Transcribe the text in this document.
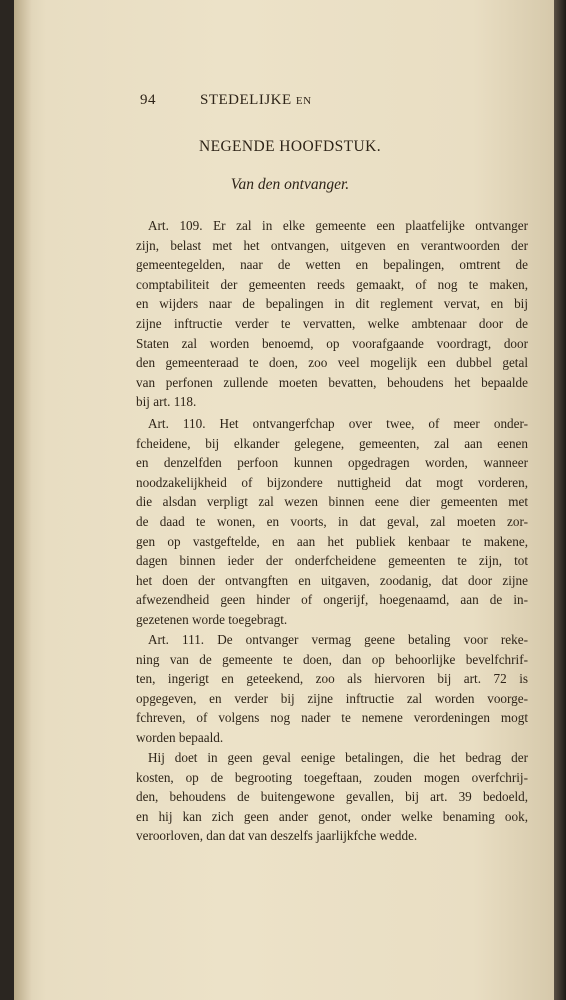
94	STEDELIJKE EN
NEGENDE HOOFDSTUK.
Van den ontvanger.
Art. 109. Er zal in elke gemeente een plaatfelijke ontvanger
zijn, belast met het ontvangen, uitgeven en verantwoorden der
gemeentegelden, naar de wetten en bepalingen, omtrent de
comptabiliteit der gemeenten reeds gemaakt, of nog te maken,
en wijders naar de bepalingen in dit reglement vervat, en bij
zijne inftructie verder te vervatten, welke ambtenaar door de
Staten zal worden benoemd, op voorafgaande voordragt, door
den gemeenteraad te doen, zoo veel mogelijk een dubbel getal
van perfonen zullende moeten bevatten, behoudens het bepaalde
bij art. 118.
Art. 110. Het ontvangerfchap over twee, of meer onder-
fcheidene, bij elkander gelegene, gemeenten, zal aan eenen
en denzelfden perfoon kunnen opgedragen worden, wanneer
noodzakelijkheid of bijzondere nuttigheid dat mogt vorderen,
die alsdan verpligt zal wezen binnen eene dier gemeenten met
de daad te wonen, en voorts, in dat geval, zal moeten zor-
gen op vastgeftelde, en aan het publiek kenbaar te makene,
dagen binnen ieder der onderfcheidene gemeenten te zijn, tot
het doen der ontvangften en uitgaven, zoodanig, dat door zijne
afwezendheid geen hinder of ongerijf, hoegenaamd, aan de in-
gezetenen worde toegebragt.
Art. 111. De ontvanger vermag geene betaling voor reke-
ning van de gemeente te doen, dan op behoorlijke bevelfchrif-
ten, ingerigt en geteekend, zoo als hiervoren bij art. 72 is
opgegeven, en verder bij zijne inftructie zal worden voorge-
fchreven, of volgens nog nader te nemene verordeningen mogt
worden bepaald.
Hij doet in geen geval eenige betalingen, die het bedrag der
kosten, op de begrooting toegeftaan, zouden mogen overfchrij-
den, behoudens de buitengewone gevallen, bij art. 39 bedoeld,
en hij kan zich geen ander genot, onder welke benaming ook,
veroorloven, dan dat van deszelfs jaarlijkfche wedde.
